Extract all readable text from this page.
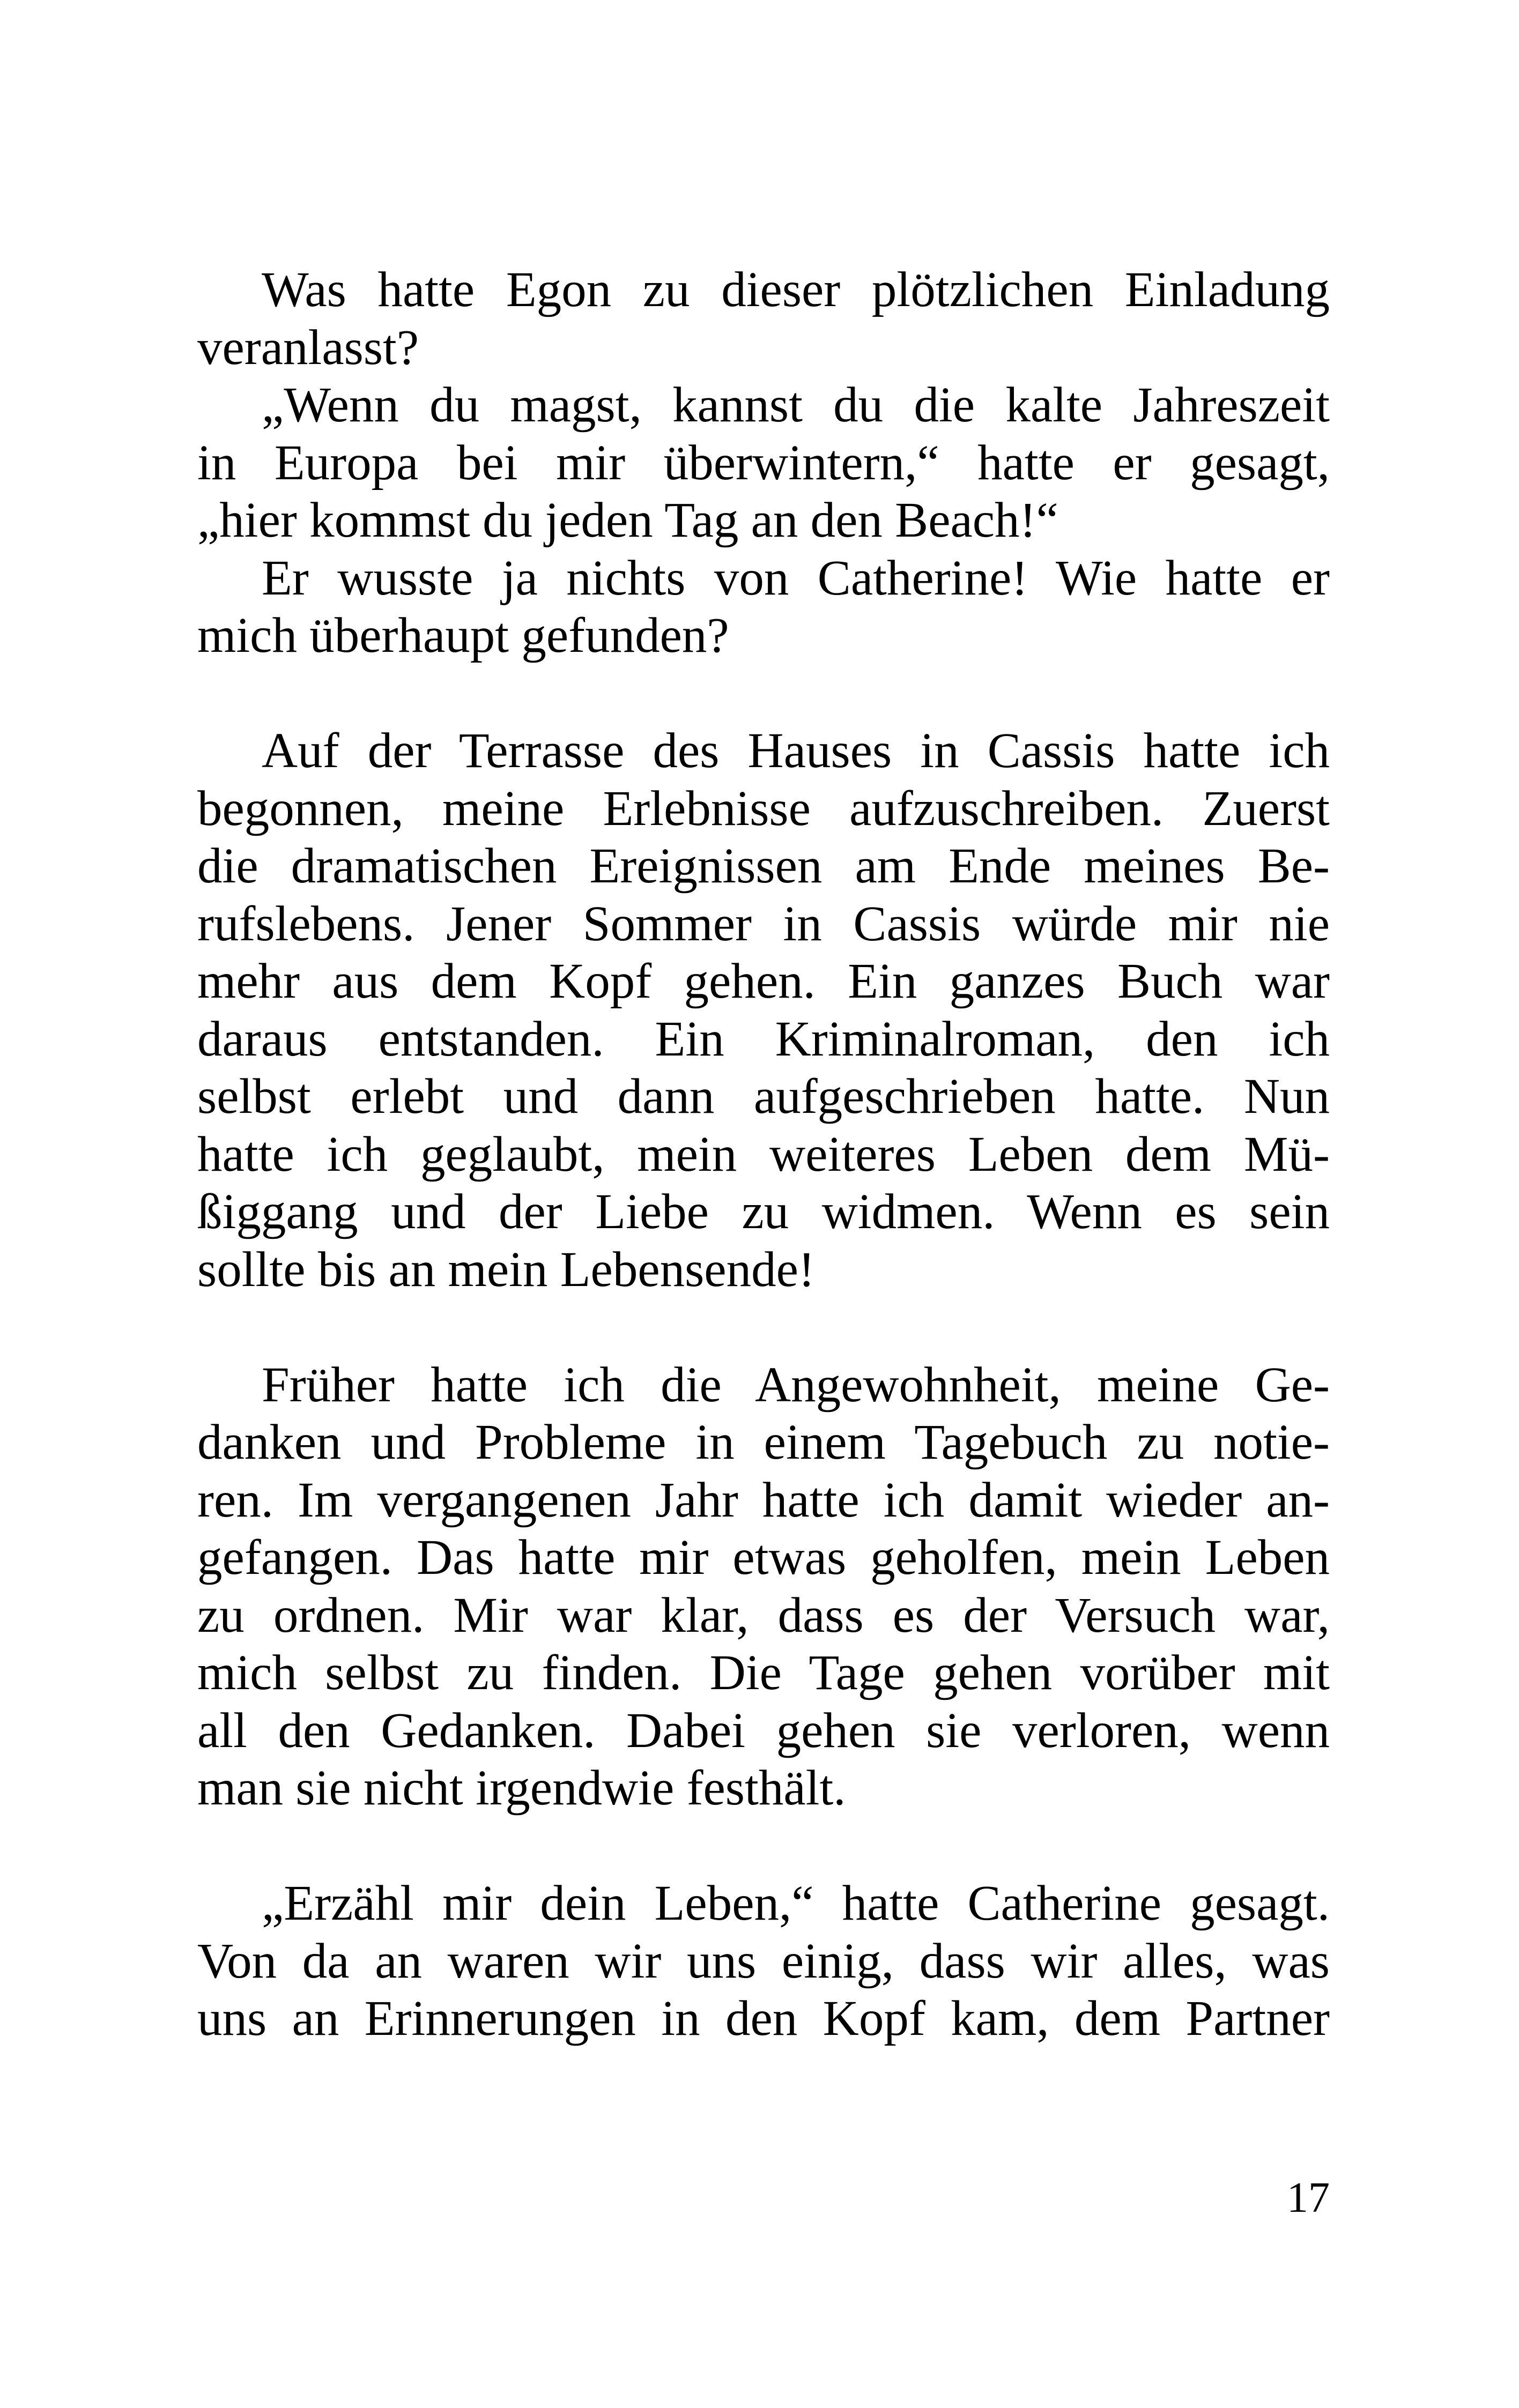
Was hatte Egon zu dieser plötzlichen Einladung
veranlasst?
„Wenn du magst, kannst du die kalte Jahreszeit
in Europa bei mir überwintern,“ hatte er gesagt,
„hier kommst du jeden Tag an den Beach!“
Er wusste ja nichts von Catherine! Wie hatte er
mich überhaupt gefunden?
Auf der Terrasse des Hauses in Cassis hatte ich
begonnen, meine Erlebnisse aufzuschreiben. Zuerst
die dramatischen Ereignissen am Ende meines Be-
rufslebens. Jener Sommer in Cassis würde mir nie
mehr aus dem Kopf gehen. Ein ganzes Buch war
daraus entstanden. Ein Kriminalroman, den ich
selbst erlebt und dann aufgeschrieben hatte. Nun
hatte ich geglaubt, mein weiteres Leben dem Mü-
ßiggang und der Liebe zu widmen. Wenn es sein
sollte bis an mein Lebensende!
Früher hatte ich die Angewohnheit, meine Ge-
danken und Probleme in einem Tagebuch zu notie-
ren. Im vergangenen Jahr hatte ich damit wieder an-
gefangen. Das hatte mir etwas geholfen, mein Leben
zu ordnen. Mir war klar, dass es der Versuch war,
mich selbst zu finden. Die Tage gehen vorüber mit
all den Gedanken. Dabei gehen sie verloren, wenn
man sie nicht irgendwie festhält.
„Erzähl mir dein Leben,“ hatte Catherine gesagt.
Von da an waren wir uns einig, dass wir alles, was
uns an Erinnerungen in den Kopf kam, dem Partner
17
